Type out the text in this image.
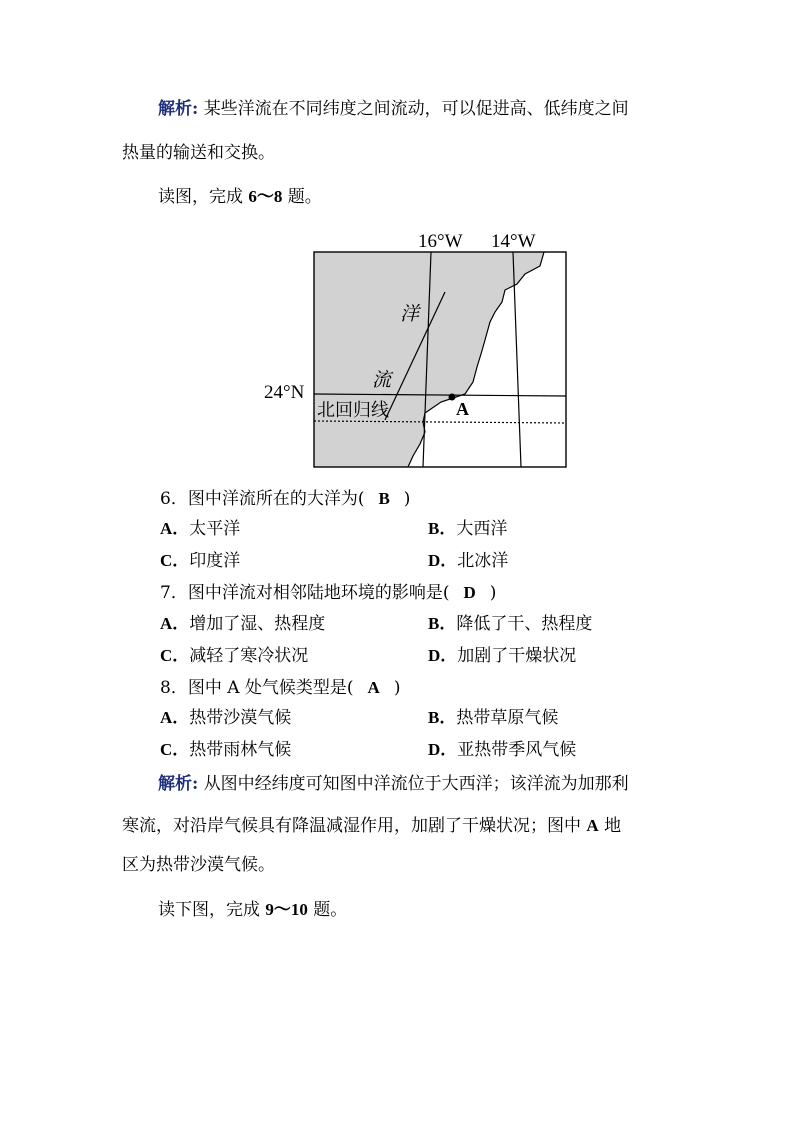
解析: 某些洋流在不同纬度之间流动，可以促进高、低纬度之间
热量的输送和交换。
读图，完成 6～8 题。
16°W 14°W
24°N
北回归线
洋
流
A
6．图中洋流所在的大洋为( B )
A．太平洋	B．大西洋
C．印度洋	D．北冰洋
7．图中洋流对相邻陆地环境的影响是( D )
A．增加了湿、热程度	B．降低了干、热程度
C．减轻了寒冷状况	D．加剧了干燥状况
8．图中 A 处气候类型是( A )
A．热带沙漠气候	B．热带草原气候
C．热带雨林气候	D．亚热带季风气候
解析: 从图中经纬度可知图中洋流位于大西洋；该洋流为加那利
寒流，对沿岸气候具有降温减湿作用，加剧了干燥状况；图中 A 地
区为热带沙漠气候。
读下图，完成 9～10 题。
